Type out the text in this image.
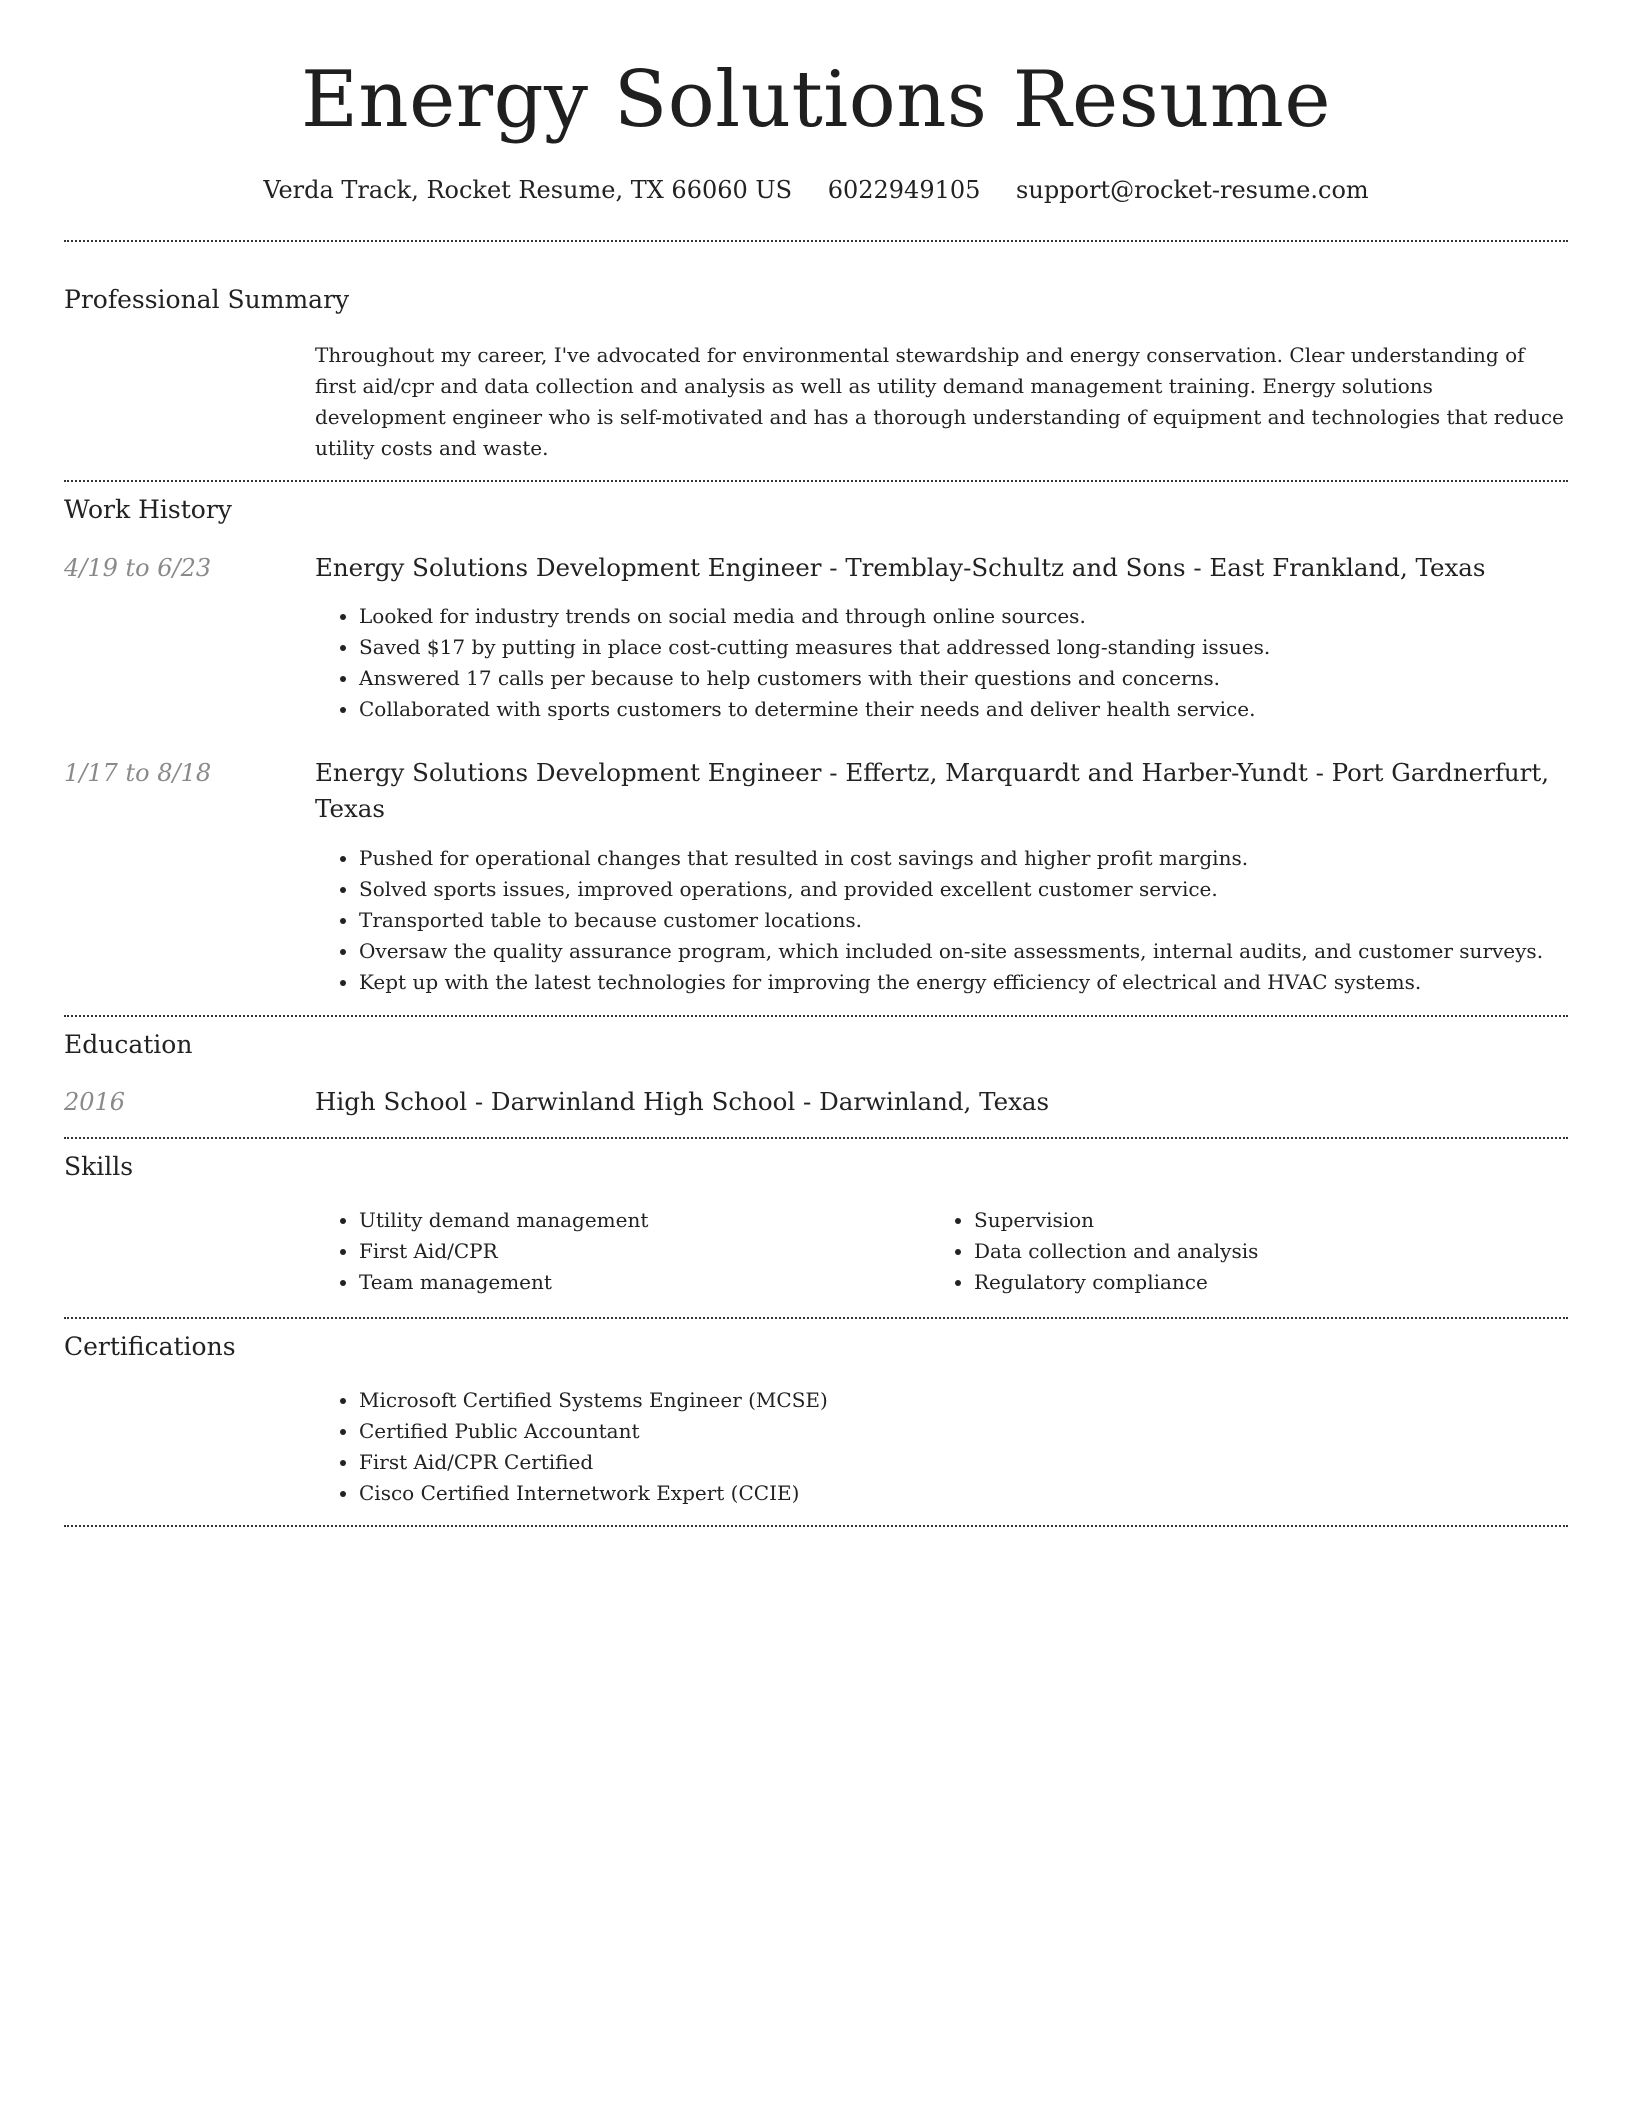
Energy Solutions Resume
Verda Track, Rocket Resume, TX 66060 US 6022949105 support@rocket-resume.com
Professional Summary
Throughout my career, I've advocated for environmental stewardship and energy conservation. Clear understanding of first aid/cpr and data collection and analysis as well as utility demand management training. Energy solutions development engineer who is self-motivated and has a thorough understanding of equipment and technologies that reduce utility costs and waste.
Work History
4/19 to 6/23	Energy Solutions Development Engineer - Tremblay-Schultz and Sons - East Frankland, Texas
• Looked for industry trends on social media and through online sources.
• Saved $17 by putting in place cost-cutting measures that addressed long-standing issues.
• Answered 17 calls per because to help customers with their questions and concerns.
• Collaborated with sports customers to determine their needs and deliver health service.
1/17 to 8/18	Energy Solutions Development Engineer - Effertz, Marquardt and Harber-Yundt - Port Gardnerfurt, Texas
• Pushed for operational changes that resulted in cost savings and higher profit margins.
• Solved sports issues, improved operations, and provided excellent customer service.
• Transported table to because customer locations.
• Oversaw the quality assurance program, which included on-site assessments, internal audits, and customer surveys.
• Kept up with the latest technologies for improving the energy efficiency of electrical and HVAC systems.
Education
2016	High School - Darwinland High School - Darwinland, Texas
Skills
• Utility demand management
• First Aid/CPR
• Team management
• Supervision
• Data collection and analysis
• Regulatory compliance
Certifications
• Microsoft Certified Systems Engineer (MCSE)
• Certified Public Accountant
• First Aid/CPR Certified
• Cisco Certified Internetwork Expert (CCIE)
